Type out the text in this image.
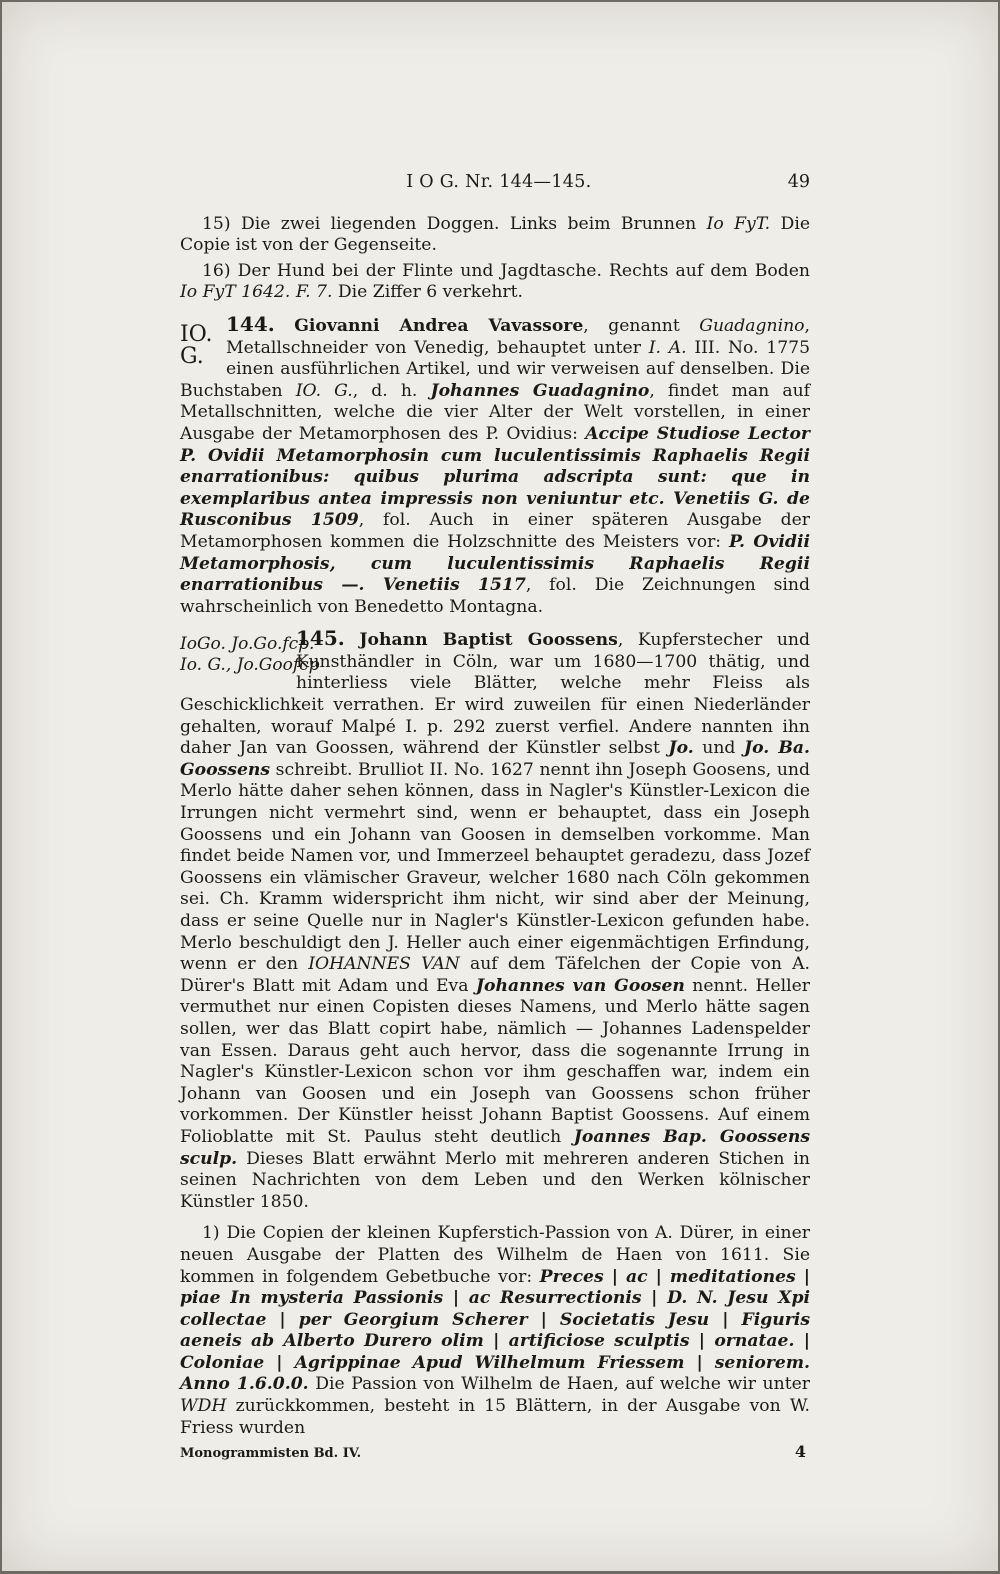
I O G. Nr. 144—145.	49

15) Die zwei liegenden Doggen. Links beim Brunnen Io FyT. Die Copie ist von der Gegenseite.

16) Der Hund bei der Flinte und Jagdtasche. Rechts auf dem Boden Io FyT 1642. F. 7. Die Ziffer 6 verkehrt.

IO. G.

144. Giovanni Andrea Vavassore, genannt Guadagnino, Metallschneider von Venedig, behauptet unter I. A. III. No. 1775 einen ausführlichen Artikel, und wir verweisen auf denselben. Die Buchstaben IO. G., d. h. Johannes Guadagnino, findet man auf Metallschnitten, welche die vier Alter der Welt vorstellen, in einer Ausgabe der Metamorphosen des P. Ovidius: Accipe Studiose Lector P. Ovidii Metamorphosin cum luculentissimis Raphaelis Regii enarrationibus: quibus plurima adscripta sunt: que in exemplaribus antea impressis non veniuntur etc. Venetiis G. de Rusconibus 1509, fol. Auch in einer späteren Ausgabe der Metamorphosen kommen die Holzschnitte des Meisters vor: P. Ovidii Metamorphosis, cum luculentissimis Raphaelis Regii enarrationibus —. Venetiis 1517, fol. Die Zeichnungen sind wahrscheinlich von Benedetto Montagna.

IoGo. Jo.Go.fcp.
Io. G., Jo.Goofcp

145. Johann Baptist Goossens, Kupferstecher und Kunsthändler in Cöln, war um 1680—1700 thätig, und hinterliess viele Blätter, welche mehr Fleiss als Geschicklichkeit verrathen. Er wird zuweilen für einen Niederländer gehalten, worauf Malpé I. p. 292 zuerst verfiel. Andere nannten ihn daher Jan van Goossen, während der Künstler selbst Jo. und Jo. Ba. Goossens schreibt. Brulliot II. No. 1627 nennt ihn Joseph Goosens, und Merlo hätte daher sehen können, dass in Nagler's Künstler-Lexicon die Irrungen nicht vermehrt sind, wenn er behauptet, dass ein Joseph Goossens und ein Johann van Goosen in demselben vorkomme. Man findet beide Namen vor, und Immerzeel behauptet geradezu, dass Jozef Goossens ein vlämischer Graveur, welcher 1680 nach Cöln gekommen sei. Ch. Kramm widerspricht ihm nicht, wir sind aber der Meinung, dass er seine Quelle nur in Nagler's Künstler-Lexicon gefunden habe. Merlo beschuldigt den J. Heller auch einer eigenmächtigen Erfindung, wenn er den IOHANNES VAN auf dem Täfelchen der Copie von A. Dürer's Blatt mit Adam und Eva Johannes van Goosen nennt. Heller vermuthet nur einen Copisten dieses Namens, und Merlo hätte sagen sollen, wer das Blatt copirt habe, nämlich — Johannes Ladenspelder van Essen. Daraus geht auch hervor, dass die sogenannte Irrung in Nagler's Künstler-Lexicon schon vor ihm geschaffen war, indem ein Johann van Goosen und ein Joseph van Goossens schon früher vorkommen. Der Künstler heisst Johann Baptist Goossens. Auf einem Folioblatte mit St. Paulus steht deutlich Joannes Bap. Goossens sculp. Dieses Blatt erwähnt Merlo mit mehreren anderen Stichen in seinen Nachrichten von dem Leben und den Werken kölnischer Künstler 1850.

1) Die Copien der kleinen Kupferstich-Passion von A. Dürer, in einer neuen Ausgabe der Platten des Wilhelm de Haen von 1611. Sie kommen in folgendem Gebetbuche vor: Preces | ac | meditationes | piae In mysteria Passionis | ac Resurrectionis | D. N. Jesu Xpi collectae | per Georgium Scherer | Societatis Jesu | Figuris aeneis ab Alberto Durero olim | artificiose sculptis | ornatae. | Coloniae | Agrippinae Apud Wilhelmum Friessem | seniorem. Anno 1.6.0.0. Die Passion von Wilhelm de Haen, auf welche wir unter WDH zurückkommen, besteht in 15 Blättern, in der Ausgabe von W. Friess wurden

Monogrammisten Bd. IV.	4
